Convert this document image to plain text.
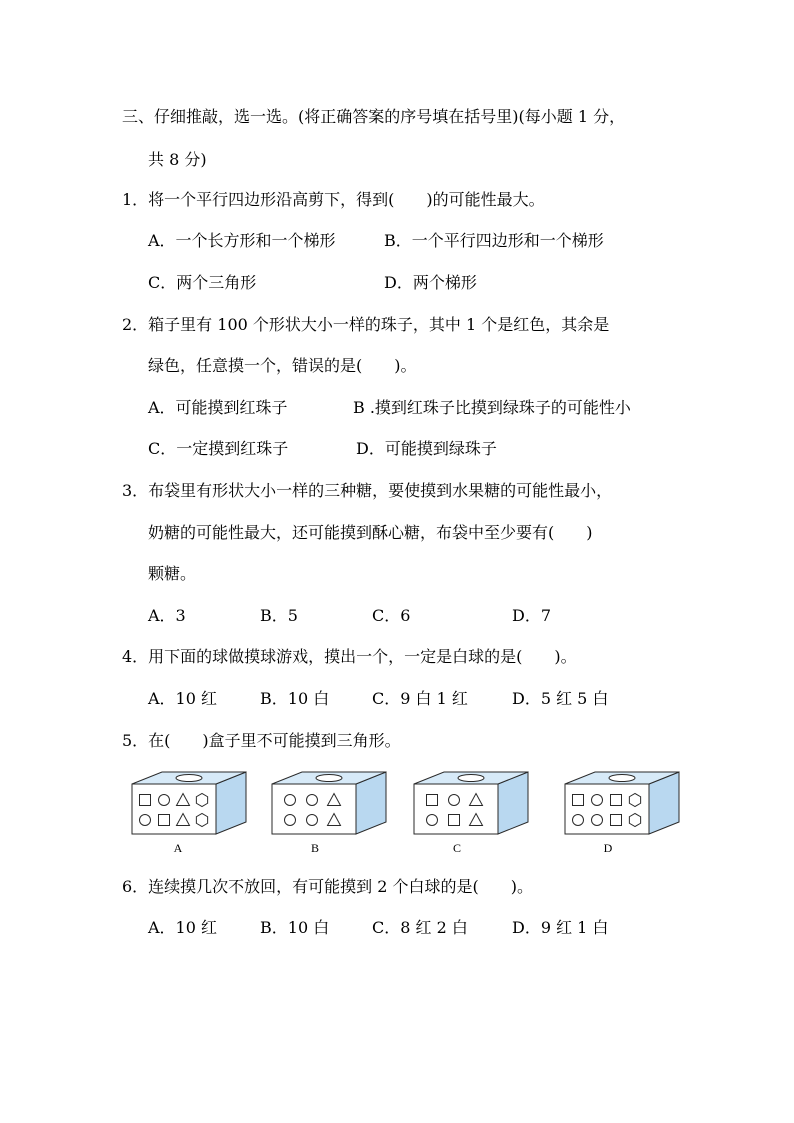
三、仔细推敲，选一选。(将正确答案的序号填在括号里)(每小题 1 分，
共 8 分)
1．将一个平行四边形沿高剪下，得到(　　)的可能性最大。
A．一个长方形和一个梯形	B．一个平行四边形和一个梯形
C．两个三角形	D．两个梯形
2．箱子里有 100 个形状大小一样的珠子，其中 1 个是红色，其余是
绿色，任意摸一个，错误的是(　　)。
A．可能摸到红珠子	B .摸到红珠子比摸到绿珠子的可能性小
C．一定摸到红珠子	D．可能摸到绿珠子
3．布袋里有形状大小一样的三种糖，要使摸到水果糖的可能性最小，
奶糖的可能性最大，还可能摸到酥心糖，布袋中至少要有(　　)
颗糖。
A．3	B．5	C．6	D．7
4．用下面的球做摸球游戏，摸出一个，一定是白球的是(　　)。
A．10 红	B．10 白	C．9 白 1 红	D．5 红 5 白
5．在(　　)盒子里不可能摸到三角形。
A	B	C	D
6．连续摸几次不放回，有可能摸到 2 个白球的是(　　)。
A．10 红	B．10 白	C．8 红 2 白	D．9 红 1 白
